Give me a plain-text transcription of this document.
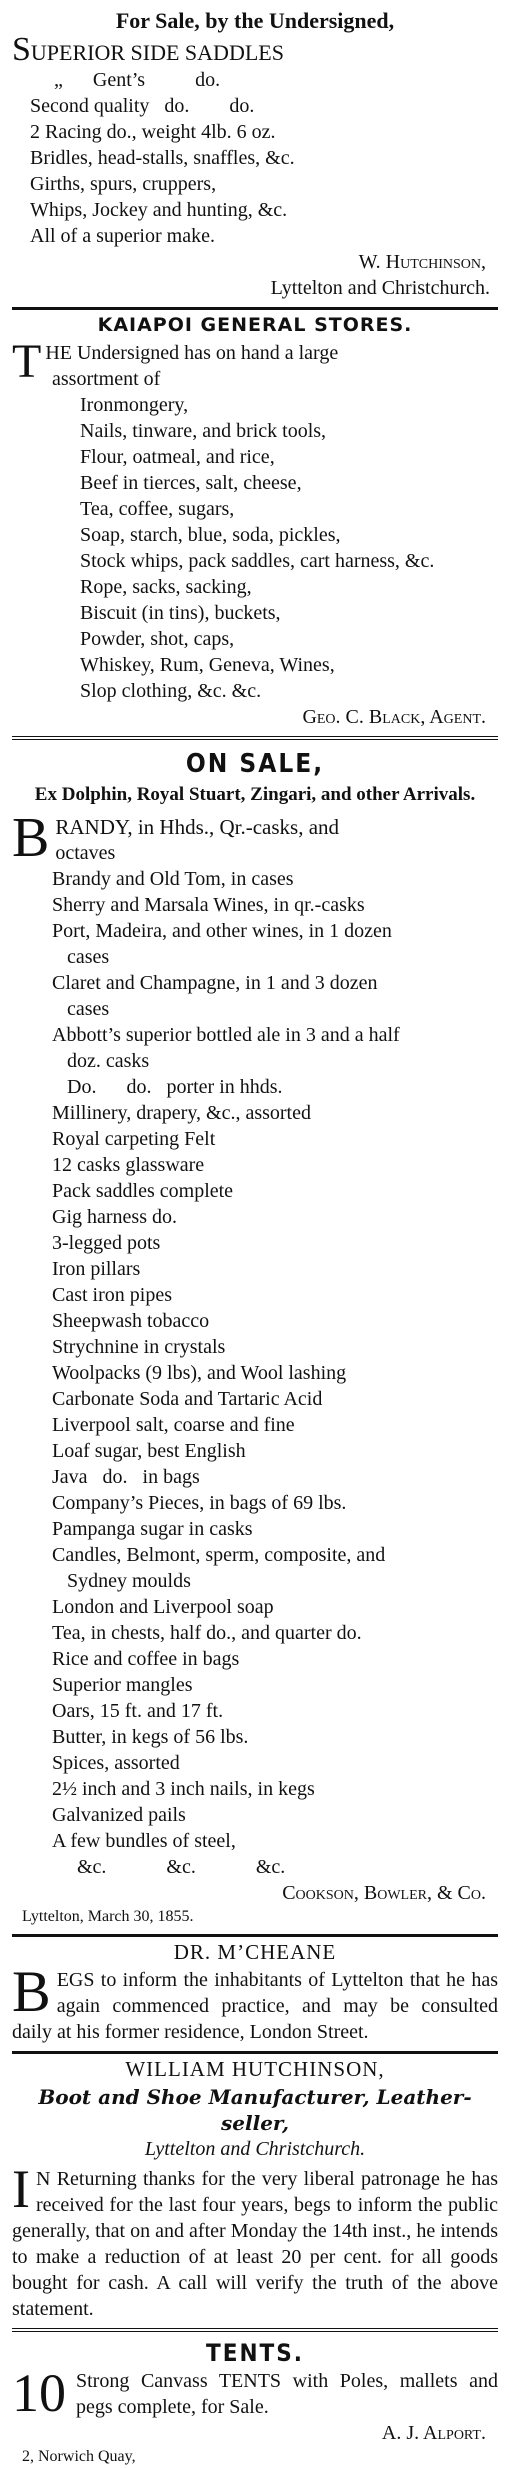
For Sale, by the Undersigned,
SUPERIOR SIDE SADDLES
„      Gent’s          do.
Second quality   do.        do.
2 Racing do., weight 4lb. 6 oz.
Bridles, head-stalls, snaffles, &c.
Girths, spurs, cruppers,
Whips, Jockey and hunting, &c.
All of a superior make.
W. Hutchinson,
Lyttelton and Christchurch.
KAIAPOI GENERAL STORES.
T HE Undersigned has on hand a large
assortment of
Ironmongery,
Nails, tinware, and brick tools,
Flour, oatmeal, and rice,
Beef in tierces, salt, cheese,
Tea, coffee, sugars,
Soap, starch, blue, soda, pickles,
Stock whips, pack saddles, cart harness, &c.
Rope, sacks, sacking,
Biscuit (in tins), buckets,
Powder, shot, caps,
Whiskey, Rum, Geneva, Wines,
Slop clothing, &c. &c.
Geo. C. Black, Agent.
ON SALE,
Ex Dolphin, Royal Stuart, Zingari, and other Arrivals.
B RANDY, in Hhds., Qr.-casks, and
octaves
Brandy and Old Tom, in cases
Sherry and Marsala Wines, in qr.-casks
Port, Madeira, and other wines, in 1 dozen
cases
Claret and Champagne, in 1 and 3 dozen
cases
Abbott’s superior bottled ale in 3 and a half
doz. casks
Do.      do.   porter in hhds.
Millinery, drapery, &c., assorted
Royal carpeting Felt
12 casks glassware
Pack saddles complete
Gig harness do.
3-legged pots
Iron pillars
Cast iron pipes
Sheepwash tobacco
Strychnine in crystals
Woolpacks (9 lbs), and Wool lashing
Carbonate Soda and Tartaric Acid
Liverpool salt, coarse and fine
Loaf sugar, best English
Java   do.   in bags
Company’s Pieces, in bags of 69 lbs.
Pampanga sugar in casks
Candles, Belmont, sperm, composite, and
Sydney moulds
London and Liverpool soap
Tea, in chests, half do., and quarter do.
Rice and coffee in bags
Superior mangles
Oars, 15 ft. and 17 ft.
Butter, in kegs of 56 lbs.
Spices, assorted
2½ inch and 3 inch nails, in kegs
Galvanized pails
A few bundles of steel,
&c.            &c.            &c.
Cookson, Bowler, & Co.
Lyttelton, March 30, 1855.
DR. M’CHEANE
BEGS to inform the inhabitants of Lyttelton that he has again commenced practice, and may be consulted daily at his former residence, London Street.
WILLIAM HUTCHINSON,
Boot and Shoe Manufacturer, Leather-seller,
Lyttelton and Christchurch.
I N Returning thanks for the very liberal patronage he has received for the last four years, begs to inform the public generally, that on and after Monday the 14th inst., he intends to make a reduction of at least 20 per cent. for all goods bought for cash. A call will verify the truth of the above statement.
TENTS.
10 Strong Canvass TENTS with Poles, mallets and pegs complete, for Sale.
A. J. Alport.
2, Norwich Quay,
